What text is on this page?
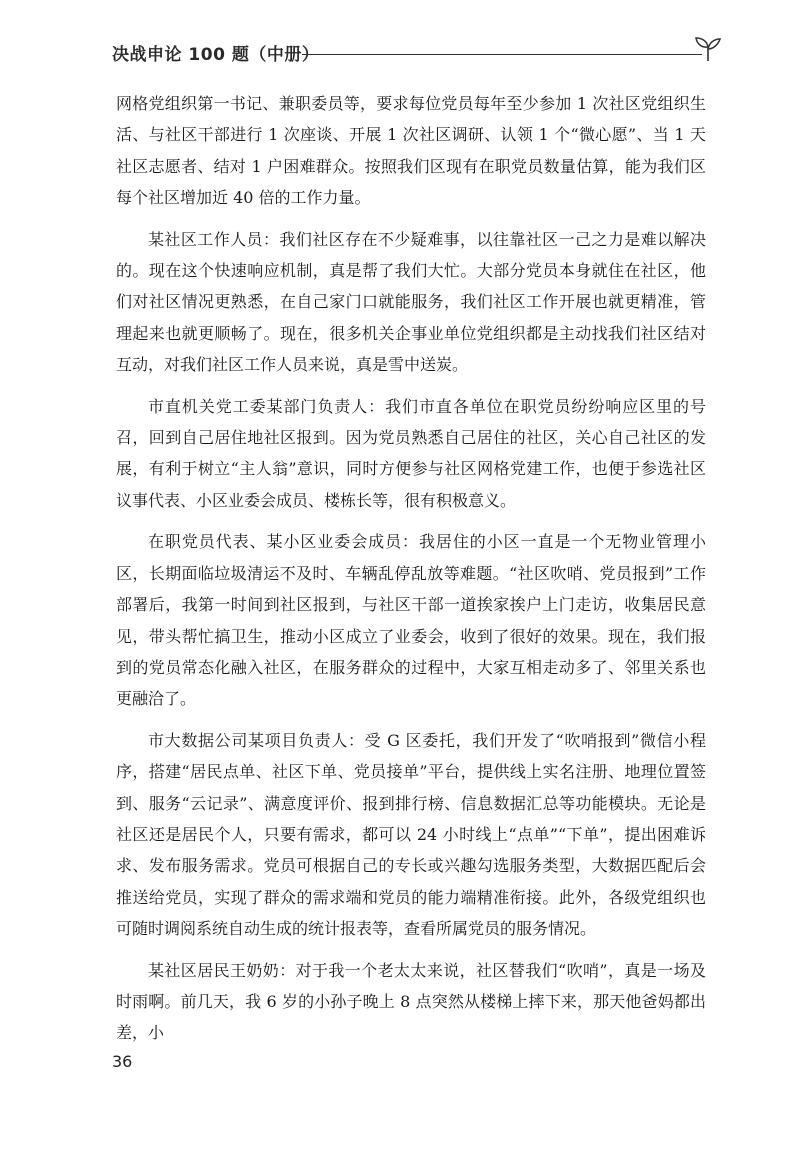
决战申论 100 题（中册）

网格党组织第一书记、兼职委员等，要求每位党员每年至少参加 1 次社区党组织生活、与社区干部进行 1 次座谈、开展 1 次社区调研、认领 1 个“微心愿”、当 1 天社区志愿者、结对 1 户困难群众。按照我们区现有在职党员数量估算，能为我们区每个社区增加近 40 倍的工作力量。

某社区工作人员：我们社区存在不少疑难事，以往靠社区一己之力是难以解决的。现在这个快速响应机制，真是帮了我们大忙。大部分党员本身就住在社区，他们对社区情况更熟悉，在自己家门口就能服务，我们社区工作开展也就更精准，管理起来也就更顺畅了。现在，很多机关企事业单位党组织都是主动找我们社区结对互动，对我们社区工作人员来说，真是雪中送炭。

市直机关党工委某部门负责人：我们市直各单位在职党员纷纷响应区里的号召，回到自己居住地社区报到。因为党员熟悉自己居住的社区，关心自己社区的发展，有利于树立“主人翁”意识，同时方便参与社区网格党建工作，也便于参选社区议事代表、小区业委会成员、楼栋长等，很有积极意义。

在职党员代表、某小区业委会成员：我居住的小区一直是一个无物业管理小区，长期面临垃圾清运不及时、车辆乱停乱放等难题。“社区吹哨、党员报到”工作部署后，我第一时间到社区报到，与社区干部一道挨家挨户上门走访，收集居民意见，带头帮忙搞卫生，推动小区成立了业委会，收到了很好的效果。现在，我们报到的党员常态化融入社区，在服务群众的过程中，大家互相走动多了、邻里关系也更融洽了。

市大数据公司某项目负责人：受 G 区委托，我们开发了“吹哨报到”微信小程序，搭建“居民点单、社区下单、党员接单”平台，提供线上实名注册、地理位置签到、服务“云记录”、满意度评价、报到排行榜、信息数据汇总等功能模块。无论是社区还是居民个人，只要有需求，都可以 24 小时线上“点单”“下单”，提出困难诉求、发布服务需求。党员可根据自己的专长或兴趣勾选服务类型，大数据匹配后会推送给党员，实现了群众的需求端和党员的能力端精准衔接。此外，各级党组织也可随时调阅系统自动生成的统计报表等，查看所属党员的服务情况。

某社区居民王奶奶：对于我一个老太太来说，社区替我们“吹哨”，真是一场及时雨啊。前几天，我 6 岁的小孙子晚上 8 点突然从楼梯上摔下来，那天他爸妈都出差，小

36
